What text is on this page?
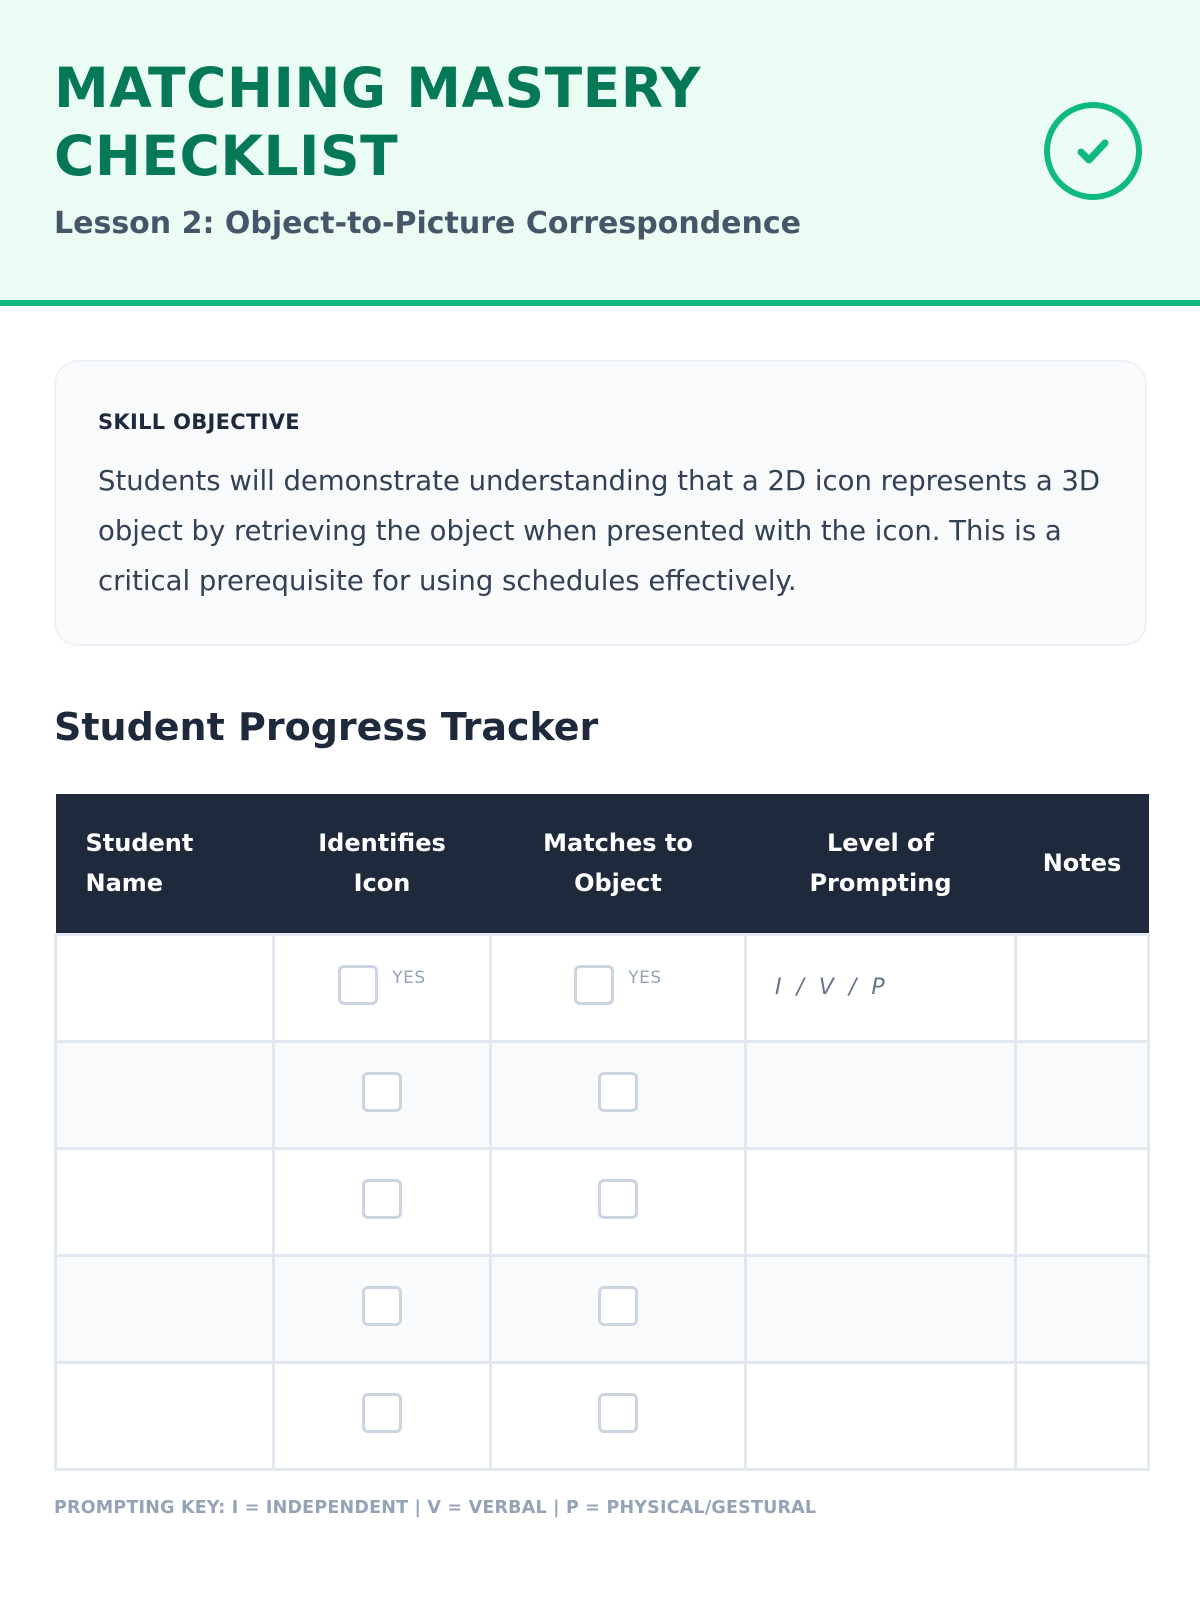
MATCHING MASTERY CHECKLIST
Lesson 2: Object-to-Picture Correspondence
SKILL OBJECTIVE

Students will demonstrate understanding that a 2D icon represents a 3D object by retrieving the object when presented with the icon. This is a critical prerequisite for using schedules effectively.

Student Progress Tracker
Student Name	Identifies Icon	Matches to Object	Level of Prompting	Notes

	YES	YES	I / V / P	

PROMPTING KEY: I = INDEPENDENT | V = VERBAL | P = PHYSICAL/GESTURAL
